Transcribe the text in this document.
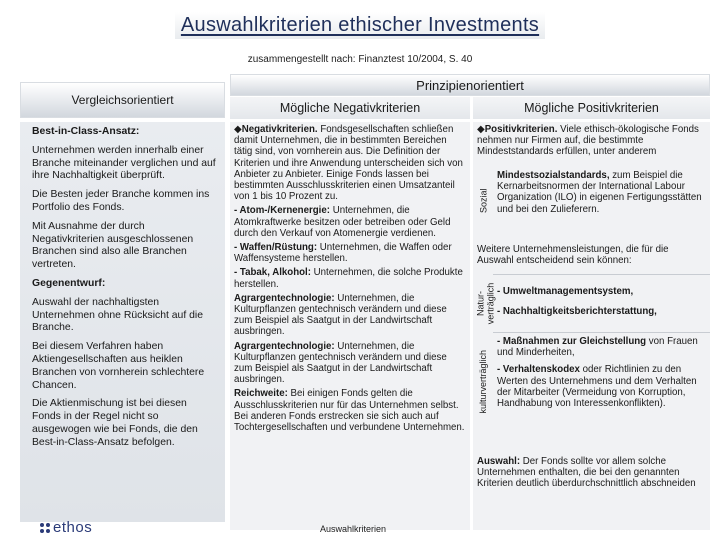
Auswahlkriterien ethischer Investments
zusammengestellt nach: Finanztest 10/2004, S. 40
Vergleichsorientiert
Prinzipienorientiert
Mögliche Negativkriterien	Mögliche Positivkriterien

Best-in-Class-Ansatz:

Unternehmen werden innerhalb einer Branche miteinander verglichen und auf ihre Nachhaltigkeit überprüft.

Die Besten jeder Branche kommen ins Portfolio des Fonds.

Mit Ausnahme der durch Negativkriterien ausgeschlossenen Branchen sind also alle Branchen vertreten.

Gegenentwurf:

Auswahl der nachhaltigsten Unternehmen ohne Rücksicht auf die Branche.

Bei diesem Verfahren haben Aktiengesellschaften aus heiklen Branchen von vornherein schlechtere Chancen.

Die Aktienmischung ist bei diesen Fonds in der Regel nicht so ausgewogen wie bei Fonds, die den Best-in-Class-Ansatz befolgen.

◆Negativkriterien. Fondsgesellschaften schließen damit Unternehmen, die in bestimmten Bereichen tätig sind, von vornherein aus. Die Definition der Kriterien und ihre Anwendung unterscheiden sich von Anbieter zu Anbieter. Einige Fonds lassen bei bestimmten Ausschlusskriterien einen Umsatzanteil von 1 bis 10 Prozent zu.

- Atom-/Kernenergie: Unternehmen, die Atomkraftwerke besitzen oder betreiben oder Geld durch den Verkauf von Atomenergie verdienen.

- Waffen/Rüstung: Unternehmen, die Waffen oder Waffensysteme herstellen.

- Tabak, Alkohol: Unternehmen, die solche Produkte herstellen.

Agrargentechnologie: Unternehmen, die Kulturpflanzen gentechnisch verändern und diese zum Beispiel als Saatgut in der Landwirtschaft ausbringen.

Agrargentechnologie: Unternehmen, die Kulturpflanzen gentechnisch verändern und diese zum Beispiel als Saatgut in der Landwirtschaft ausbringen.

Reichweite: Bei einigen Fonds gelten die Ausschlusskriterien nur für das Unternehmen selbst. Bei anderen Fonds erstrecken sie sich auch auf Tochtergesellschaften und verbundene Unternehmen.

◆Positivkriterien. Viele ethisch-ökologische Fonds nehmen nur Firmen auf, die bestimmte Mindeststandards erfüllen, unter anderem

Sozial

Mindestsozialstandards, zum Beispiel die Kernarbeitsnormen der International Labour Organization (ILO) in eigenen Fertigungsstätten und bei den Zulieferern.

Weitere Unternehmensleistungen, die für die Auswahl entscheidend sein können:

Natur-
verträglich - Umweltmanagementsystem,

- Nachhaltigkeitsberichterstattung,

kulturverträglich

- Maßnahmen zur Gleichstellung von Frauen und Minderheiten,

- Verhaltenskodex oder Richtlinien zu den Werten des Unternehmens und dem Verhalten der Mitarbeiter (Vermeidung von Korruption, Handhabung von Interessenkonflikten).

Auswahl: Der Fonds sollte vor allem solche Unternehmen enthalten, die bei den genannten Kriterien deutlich überdurchschnittlich abschneiden

ethos	Auswahlkriterien
